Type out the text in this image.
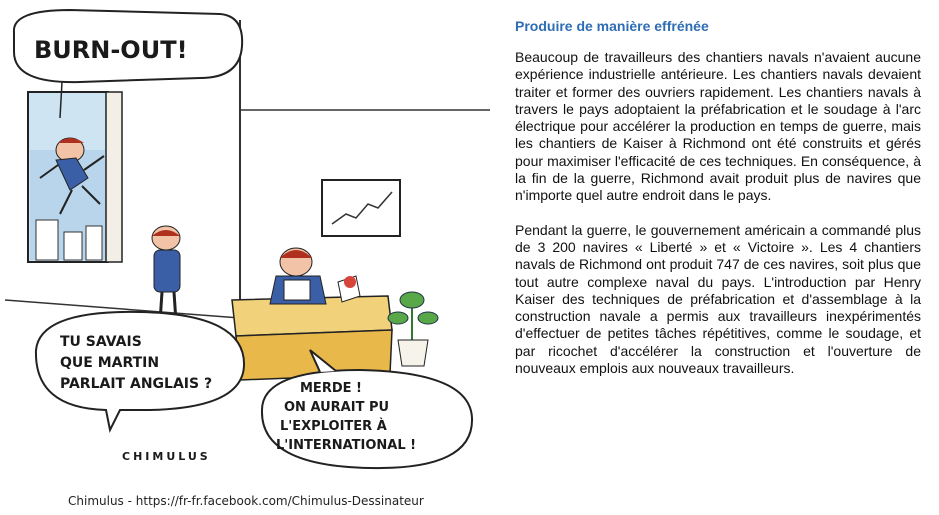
BURN-OUT!
TU SAVAIS
QUE MARTIN
PARLAIT ANGLAIS ?	MERDE !
ON AURAIT PU
L'EXPLOITER À
L'INTERNATIONAL !
CHIMULUS
Chimulus - https://fr-fr.facebook.com/Chimulus-Dessinateur
Produire de manière effrénée

Beaucoup de travailleurs des chantiers navals n'avaient aucune expérience industrielle antérieure. Les chantiers navals devaient traiter et former des ouvriers rapidement. Les chantiers navals à travers le pays adoptaient la préfabrication et le soudage à l'arc électrique pour accélérer la production en temps de guerre, mais les chantiers de Kaiser à Richmond ont été construits et gérés pour maximiser l'efficacité de ces techniques. En conséquence, à la fin de la guerre, Richmond avait produit plus de navires que n'importe quel autre endroit dans le pays.

Pendant la guerre, le gouvernement américain a commandé plus de 3 200 navires « Liberté » et « Victoire ». Les 4 chantiers navals de Richmond ont produit 747 de ces navires, soit plus que tout autre complexe naval du pays. L'introduction par Henry Kaiser des techniques de préfabrication et d'assemblage à la construction navale a permis aux travailleurs inexpérimentés d'effectuer de petites tâches répétitives, comme le soudage, et par ricochet d'accélérer la construction et l'ouverture de nouveaux emplois aux nouveaux travailleurs.
